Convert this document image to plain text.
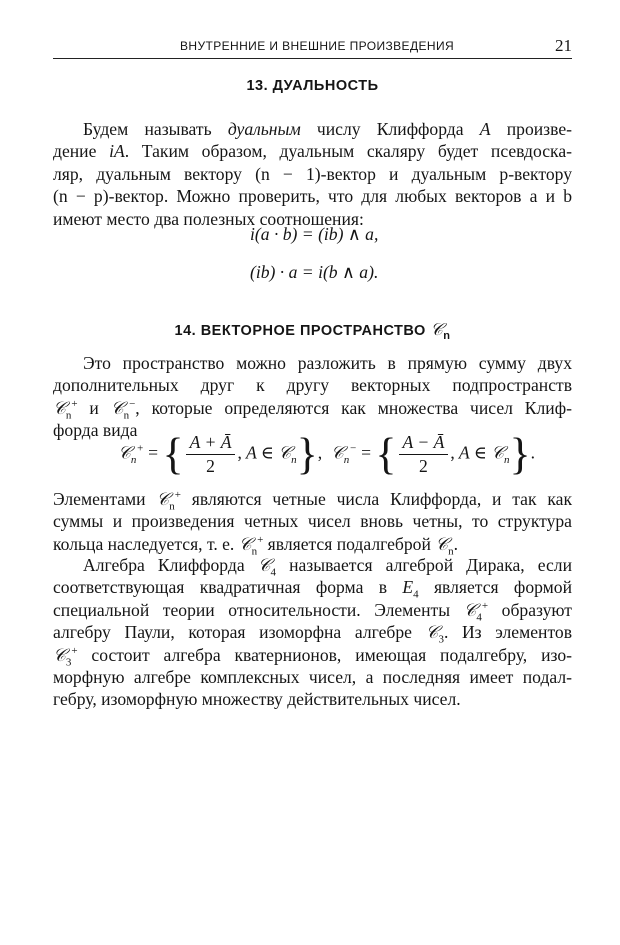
ВНУТРЕННИЕ И ВНЕШНИЕ ПРОИЗВЕДЕНИЯ	21
13. ДУАЛЬНОСТЬ
Будем называть дуальным числу Клиффорда A произве-
дение iA. Таким образом, дуальным скаляру будет псевдоска-
ляр, дуальным вектору (n − 1)-вектор и дуальным p-вектору
(n − p)-вектор. Можно проверить, что для любых векторов a и b
имеют место два полезных соотношения:
i(a · b) = (ib) ∧ a,
(ib) · a = i(b ∧ a).
14. ВЕКТОРНОЕ ПРОСТРАНСТВО 𝒞$_n$
Это пространство можно разложить в прямую сумму двух
дополнительных друг к другу векторных подпространств
𝒞$_n$+ и 𝒞$_n$−, которые определяются как множества чисел Клиф-
форда вида
𝒞$_n$+ = { $\frac{A + Ā}{2}$ , A ∈ 𝒞$_n$}, 𝒞$_n$− = { $\frac{A - Ā}{2}$ , A ∈ 𝒞$_n$}.
Элементами 𝒞$_n$+ являются четные числа Клиффорда, и так как
суммы и произведения четных чисел вновь четны, то структура
кольца наследуется, т. е. 𝒞$_n$+ является подалгеброй 𝒞$_n$.
Алгебра Клиффорда 𝒞$_4$ называется алгеброй Дирака, если
соответствующая квадратичная форма в $E_4$ является формой
специальной теории относительности. Элементы 𝒞$_4$+ образуют
алгебру Паули, которая изоморфна алгебре 𝒞$_3$. Из элементов
𝒞$_3$+ состоит алгебра кватернионов, имеющая подалгебру, изо-
морфную алгебре комплексных чисел, а последняя имеет подал-
гебру, изоморфную множеству действительных чисел.
